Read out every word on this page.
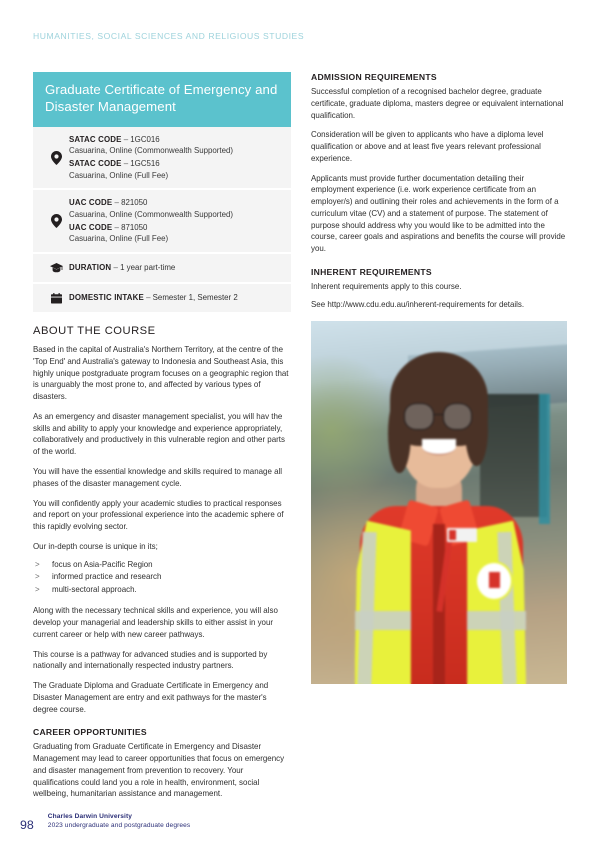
HUMANITIES, SOCIAL SCIENCES AND RELIGIOUS STUDIES
Graduate Certificate of Emergency and Disaster Management
SATAC CODE – 1GC016
Casuarina, Online (Commonwealth Supported)
SATAC CODE – 1GC516
Casuarina, Online (Full Fee)
UAC CODE – 821050
Casuarina, Online (Commonwealth Supported)
UAC CODE – 871050
Casuarina, Online (Full Fee)
DURATION – 1 year part-time
DOMESTIC INTAKE – Semester 1, Semester 2
ABOUT THE COURSE

Based in the capital of Australia's Northern Territory, at the centre of the 'Top End' and Australia's gateway to Indonesia and Southeast Asia, this highly unique postgraduate program focuses on a geographic region that is unarguably the most prone to, and affected by various types of disasters.

As an emergency and disaster management specialist, you will hav the skills and ability to apply your knowledge and experience appropriately, collaboratively and productively in this vulnerable region and other parts of the world.

You will have the essential knowledge and skills required to manage all phases of the disaster management cycle.

You will confidently apply your academic studies to practical responses and report on your professional experience into the academic sphere of this rapidly evolving sector.

Our in-depth course is unique in its;

> focus on Asia-Pacific Region
> informed practice and research
> multi-sectoral approach.

Along with the necessary technical skills and experience, you will also develop your managerial and leadership skills to either assist in your current career or help with new career pathways.

This course is a pathway for advanced studies and is supported by nationally and internationally respected industry partners.

The Graduate Diploma and Graduate Certificate in Emergency and Disaster Management are entry and exit pathways for the master's degree course.

CAREER OPPORTUNITIES

Graduating from Graduate Certificate in Emergency and Disaster Management may lead to career opportunities that focus on emergency and disaster management from prevention to recovery. Your qualifications could land you a role in health, environment, social wellbeing, humanitarian assistance and management.

ADMISSION REQUIREMENTS

Successful completion of a recognised bachelor degree, graduate certificate, graduate diploma, masters degree or equivalent international qualification.

Consideration will be given to applicants who have a diploma level qualification or above and at least five years relevant professional experience.

Applicants must provide further documentation detailing their employment experience (i.e. work experience certificate from an employer/s) and outlining their roles and achievements in the form of a curriculum vitae (CV) and a statement of purpose. The statement of purpose should address why you would like to be admitted into the course, career goals and aspirations and benefits the course will provide you.

INHERENT REQUIREMENTS

Inherent requirements apply to this course.

See http://www.cdu.edu.au/inherent-requirements for details.

98
Charles Darwin University
2023 undergraduate and postgraduate degrees
